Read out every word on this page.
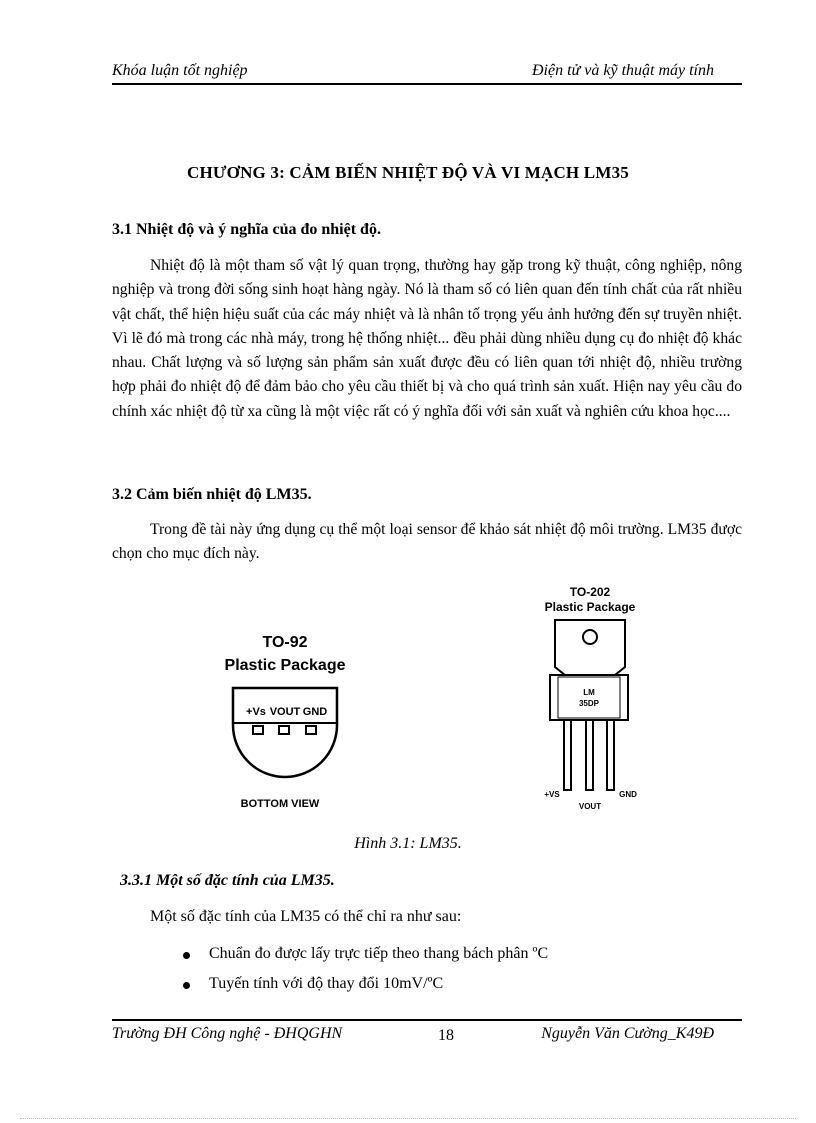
Khóa luận tốt nghiệp	Điện tử và kỹ thuật máy tính
CHƯƠNG 3: CẢM BIẾN NHIỆT ĐỘ VÀ VI MẠCH LM35
3.1 Nhiệt độ và ý nghĩa của đo nhiệt độ.
Nhiệt độ là một tham số vật lý quan trọng, thường hay gặp trong kỹ thuật, công nghiệp, nông nghiệp và trong đời sống sinh hoạt hàng ngày. Nó là tham số có liên quan đến tính chất của rất nhiều vật chất, thể hiện hiệu suất của các máy nhiệt và là nhân tố trọng yếu ảnh hưởng đến sự truyền nhiệt. Vì lẽ đó mà trong các nhà máy, trong hệ thống nhiệt... đều phải dùng nhiều dụng cụ đo nhiệt độ khác nhau. Chất lượng và số lượng sản phẩm sản xuất được đều có liên quan tới nhiệt độ, nhiều trường hợp phải đo nhiệt độ để đảm bảo cho yêu cầu thiết bị và cho quá trình sản xuất. Hiện nay yêu cầu đo chính xác nhiệt độ từ xa cũng là một việc rất có ý nghĩa đối với sản xuất và nghiên cứu khoa học....
3.2 Cảm biến nhiệt độ LM35.
Trong đề tài này ứng dụng cụ thể một loại sensor để khảo sát nhiệt độ môi trường. LM35 được chọn cho mục đích này.
TO-92
Plastic Package
+Vs VOUT GND
BOTTOM VIEW
TO-202
Plastic Package
LM
35DP
+VS
VOUT
GND
Hình 3.1: LM35.
3.3.1 Một số đặc tính của LM35.
Một số đặc tính của LM35 có thể chỉ ra như sau:
Chuẩn đo được lấy trực tiếp theo thang bách phân ºC
Tuyến tính với độ thay đổi 10mV/ºC
Trường ĐH Công nghệ - ĐHQGHN	18	Nguyễn Văn Cường_K49Đ
